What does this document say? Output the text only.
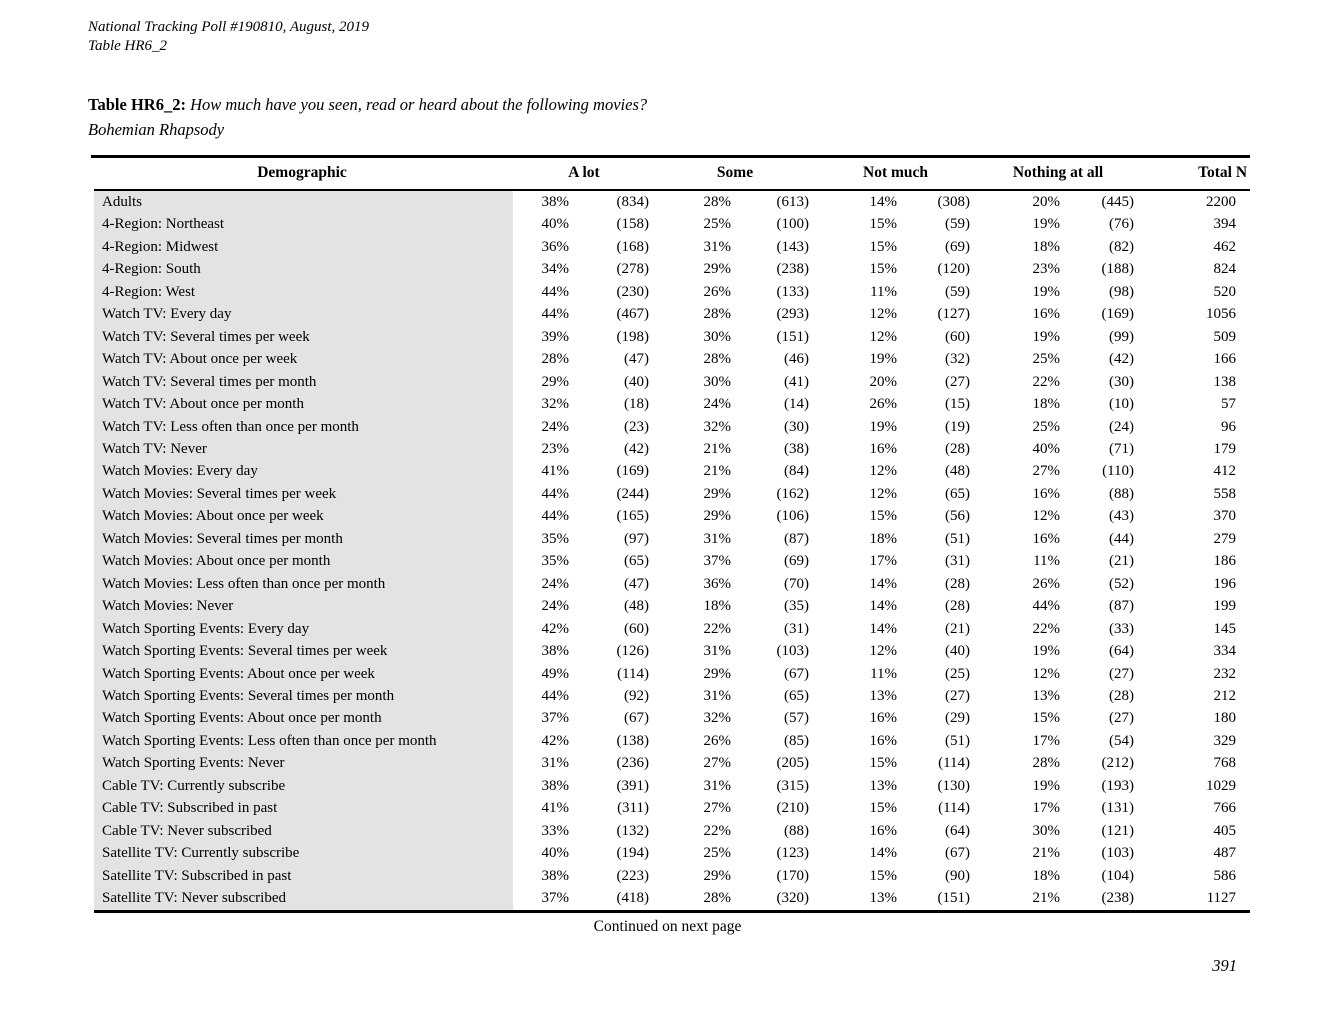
National Tracking Poll #190810, August, 2019
Table HR6_2
Table HR6_2: How much have you seen, read or heard about the following movies?
Bohemian Rhapsody
Demographic	A lot		Some		Not much		Nothing at all		Total N
Adults	38%	(834)	28%	(613)	14%	(308)	20%	(445)	2200
4-Region: Northeast	40%	(158)	25%	(100)	15%	(59)	19%	(76)	394
4-Region: Midwest	36%	(168)	31%	(143)	15%	(69)	18%	(82)	462
4-Region: South	34%	(278)	29%	(238)	15%	(120)	23%	(188)	824
4-Region: West	44%	(230)	26%	(133)	11%	(59)	19%	(98)	520
Watch TV: Every day	44%	(467)	28%	(293)	12%	(127)	16%	(169)	1056
Watch TV: Several times per week	39%	(198)	30%	(151)	12%	(60)	19%	(99)	509
Watch TV: About once per week	28%	(47)	28%	(46)	19%	(32)	25%	(42)	166
Watch TV: Several times per month	29%	(40)	30%	(41)	20%	(27)	22%	(30)	138
Watch TV: About once per month	32%	(18)	24%	(14)	26%	(15)	18%	(10)	57
Watch TV: Less often than once per month	24%	(23)	32%	(30)	19%	(19)	25%	(24)	96
Watch TV: Never	23%	(42)	21%	(38)	16%	(28)	40%	(71)	179
Watch Movies: Every day	41%	(169)	21%	(84)	12%	(48)	27%	(110)	412
Watch Movies: Several times per week	44%	(244)	29%	(162)	12%	(65)	16%	(88)	558
Watch Movies: About once per week	44%	(165)	29%	(106)	15%	(56)	12%	(43)	370
Watch Movies: Several times per month	35%	(97)	31%	(87)	18%	(51)	16%	(44)	279
Watch Movies: About once per month	35%	(65)	37%	(69)	17%	(31)	11%	(21)	186
Watch Movies: Less often than once per month	24%	(47)	36%	(70)	14%	(28)	26%	(52)	196
Watch Movies: Never	24%	(48)	18%	(35)	14%	(28)	44%	(87)	199
Watch Sporting Events: Every day	42%	(60)	22%	(31)	14%	(21)	22%	(33)	145
Watch Sporting Events: Several times per week	38%	(126)	31%	(103)	12%	(40)	19%	(64)	334
Watch Sporting Events: About once per week	49%	(114)	29%	(67)	11%	(25)	12%	(27)	232
Watch Sporting Events: Several times per month	44%	(92)	31%	(65)	13%	(27)	13%	(28)	212
Watch Sporting Events: About once per month	37%	(67)	32%	(57)	16%	(29)	15%	(27)	180
Watch Sporting Events: Less often than once per month	42%	(138)	26%	(85)	16%	(51)	17%	(54)	329
Watch Sporting Events: Never	31%	(236)	27%	(205)	15%	(114)	28%	(212)	768
Cable TV: Currently subscribe	38%	(391)	31%	(315)	13%	(130)	19%	(193)	1029
Cable TV: Subscribed in past	41%	(311)	27%	(210)	15%	(114)	17%	(131)	766
Cable TV: Never subscribed	33%	(132)	22%	(88)	16%	(64)	30%	(121)	405
Satellite TV: Currently subscribe	40%	(194)	25%	(123)	14%	(67)	21%	(103)	487
Satellite TV: Subscribed in past	38%	(223)	29%	(170)	15%	(90)	18%	(104)	586
Satellite TV: Never subscribed	37%	(418)	28%	(320)	13%	(151)	21%	(238)	1127
Continued on next page
391
